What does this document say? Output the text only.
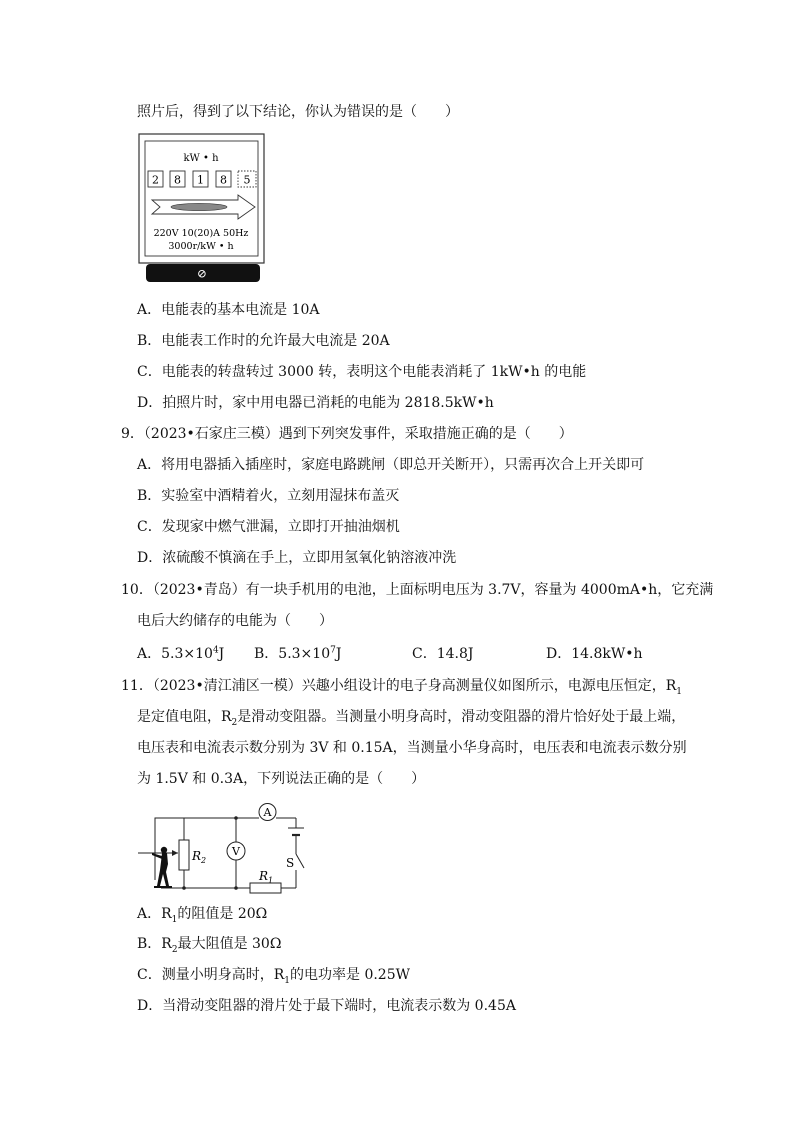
照片后，得到了以下结论，你认为错误的是（　　）
kW • h
2 8 1 8 5
220V 10(20)A 50Hz
3000r/kW • h
⊘
A．电能表的基本电流是 10A
B．电能表工作时的允许最大电流是 20A
C．电能表的转盘转过 3000 转，表明这个电能表消耗了 1kW•h 的电能
D．拍照片时，家中用电器已消耗的电能为 2818.5kW•h
9．（2023•石家庄三模）遇到下列突发事件，采取措施正确的是（　　）
A．将用电器插入插座时，家庭电路跳闸（即总开关断开），只需再次合上开关即可
B．实验室中酒精着火，立刻用湿抹布盖灭
C．发现家中燃气泄漏，立即打开抽油烟机
D．浓硫酸不慎滴在手上，立即用氢氧化钠溶液冲洗
10．（2023•青岛）有一块手机用的电池，上面标明电压为 3.7V，容量为 4000mA•h，它充满
电后大约储存的电能为（　　）
A．$5.3\times 10^4J$ B．$5.3\times 10^7J$	C．14.8J	D．14.8kW•h
11．（2023•清江浦区一模）兴趣小组设计的电子身高测量仪如图所示，电源电压恒定，$R_1$
是定值电阻，$R_2$是滑动变阻器。当测量小明身高时，滑动变阻器的滑片恰好处于最上端，
电压表和电流表示数分别为 3V 和 0.15A，当测量小华身高时，电压表和电流表示数分别
为 1.5V 和 0.3A，下列说法正确的是（　　）
A
V
S
$R_2$
$R_1$
A．$R_1$的阻值是 20Ω
B．$R_2$最大阻值是 30Ω
C．测量小明身高时，$R_1$的电功率是 0.25W
D．当滑动变阻器的滑片处于最下端时，电流表示数为 0.45A
